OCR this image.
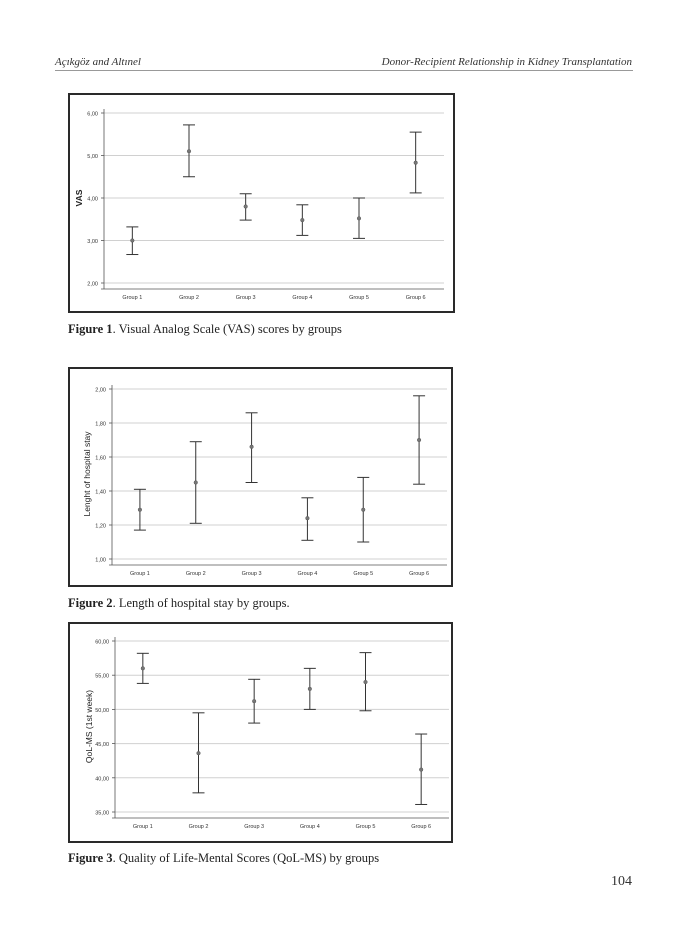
Açıkgöz and Altınel	Donor-Recipient Relationship in Kidney Transplantation
2,00
3,00
4,00
5,00
6,00
VAS
Group 1	Group 2	Group 3	Group 4	Group 5	Group 6
Figure 1. Visual Analog Scale (VAS) scores by groups
1,00
1,20
1,40
1,60
1,80
2,00
Lenght of hospital stay
Group 1	Group 2	Group 3	Group 4	Group 5	Group 6
Figure 2. Length of hospital stay by groups.
35,00
40,00
45,00
50,00
55,00
60,00
QoL-MS (1st week)
Group 1	Group 2	Group 3	Group 4	Group 5	Group 6
Figure 3. Quality of Life-Mental Scores (QoL-MS) by groups
104
